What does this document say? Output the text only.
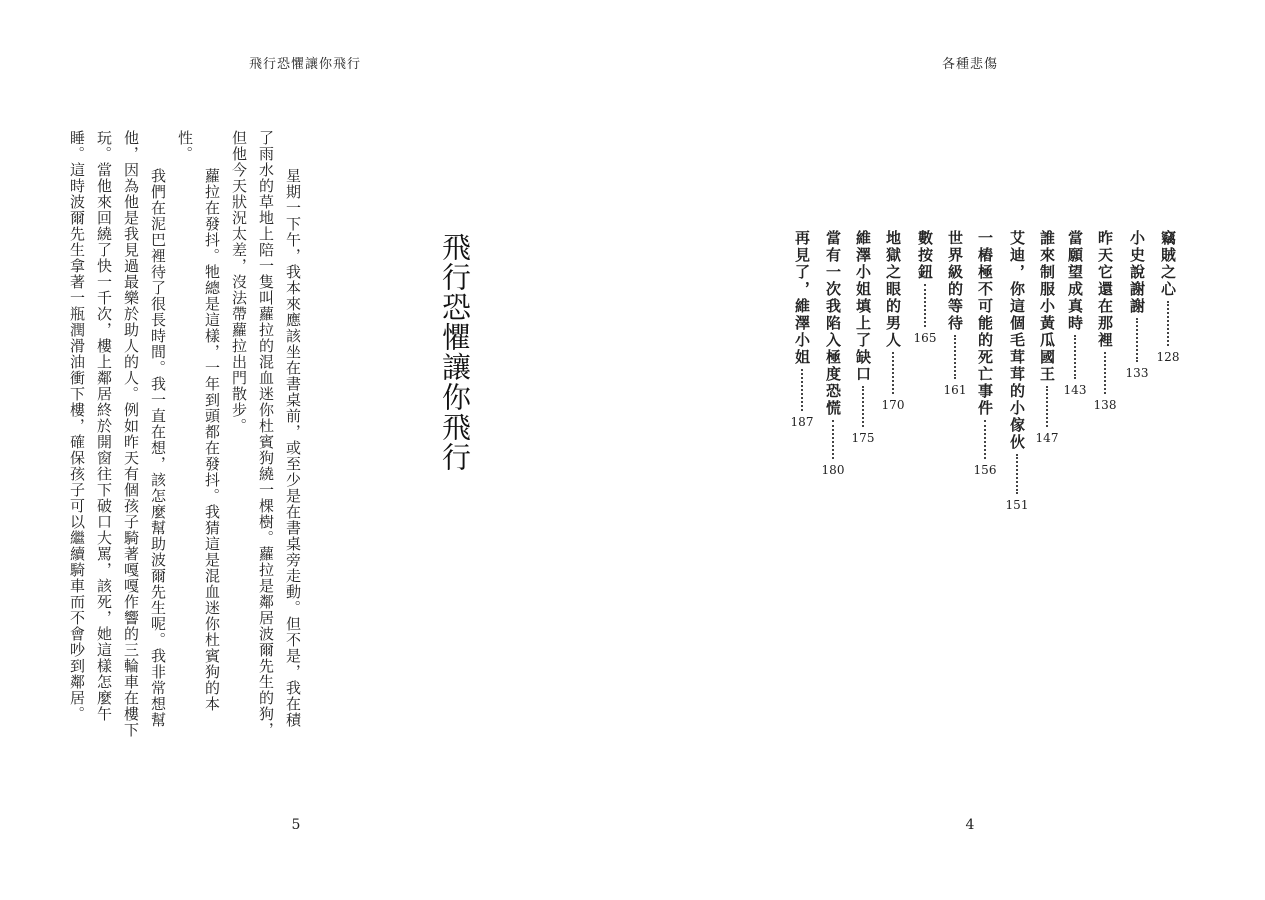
飛行恐懼讓你飛行
飛行恐懼讓你飛行

星期一下午，我本來應該坐在書桌前，或至少是在書桌旁走動。但不是，我在積了雨水的草地上陪一隻叫蘿拉的混血迷你杜賓狗繞一棵樹。蘿拉是鄰居波爾先生的狗，但他今天狀況太差，沒法帶蘿拉出門散步。

蘿拉在發抖。牠總是這樣，一年到頭都在發抖。我猜這是混血迷你杜賓狗的本性。

我們在泥巴裡待了很長時間。我一直在想，該怎麼幫助波爾先生呢。我非常想幫他，因為他是我見過最樂於助人的人。例如昨天有個孩子騎著嘎嘎作響的三輪車在樓下玩。當他來回繞了快一千次，樓上鄰居終於開窗往下破口大罵，該死，她這樣怎麼午睡。這時波爾先生拿著一瓶潤滑油衝下樓，確保孩子可以繼續騎車而不會吵到鄰居。

5
各種悲傷
竊賊之心
128
小史說謝謝
133
昨天它還在那裡
138
當願望成真時
143
誰來制服小黃瓜國王
147
艾迪，你這個毛茸茸的小傢伙
151
一樁極不可能的死亡事件
156
世界級的等待
161
數按鈕
165
地獄之眼的男人
170
維澤小姐填上了缺口
175
當有一次我陷入極度恐慌
180
再見了，維澤小姐
187
4
